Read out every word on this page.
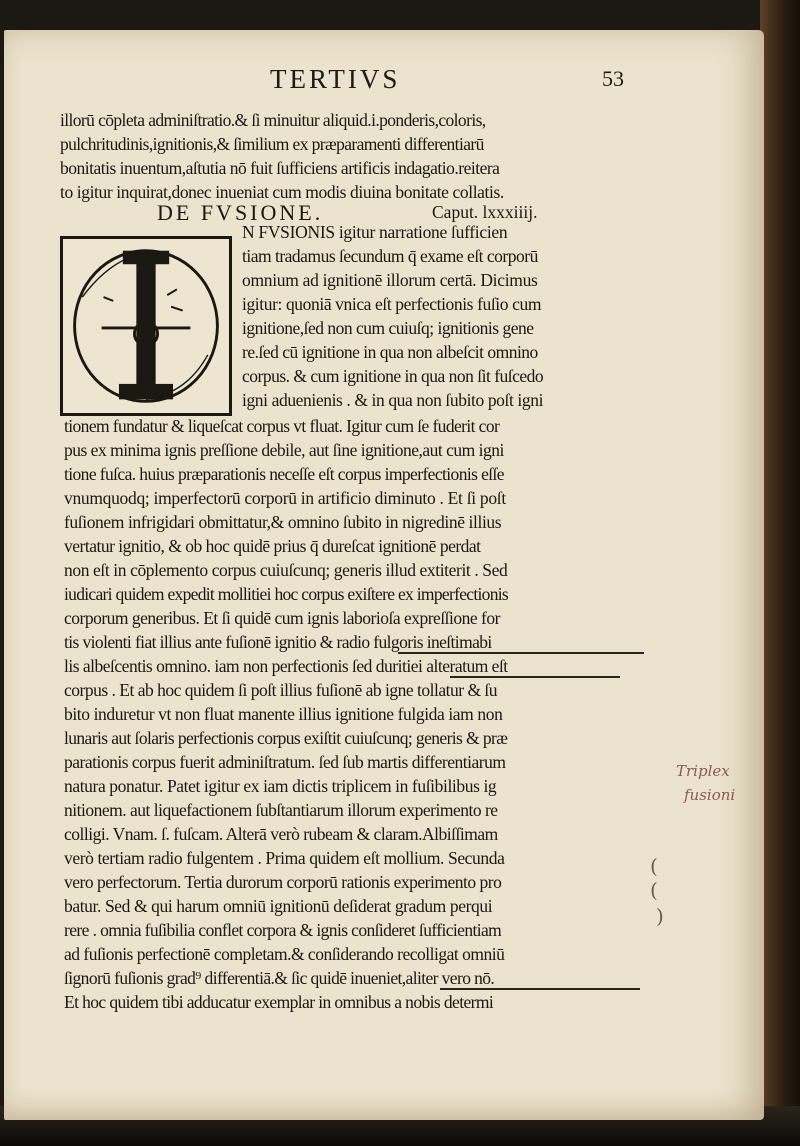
TERTIVS	53
illorū cōpleta adminiſtratio.& ſi minuitur aliquid.i.ponderis,coloris,
pulchritudinis,ignitionis,& ſimilium ex præparamenti differentiarū
bonitatis inuentum,aſtutia nō fuit ſufficiens artificis indagatio.reitera
to igitur inquirat,donec inueniat cum modis diuina bonitate collatis.
DE FVSIONE.	Caput. lxxxiiij.
N FVSIONIS igitur narratione ſufficien
tiam tradamus ſecundum q̄ exame eſt corporū
omnium ad ignitionē illorum certā. Dicimus
igitur: quoniā vnica eſt perfectionis fuſio cum
ignitione,ſed non cum cuiuſq; ignitionis gene
re.ſed cū ignitione in qua non albeſcit omnino
corpus. & cum ignitione in qua non ſit fuſcedo
igni aduenienis . & in qua non ſubito poſt igni
tionem fundatur & liqueſcat corpus vt fluat. Igitur cum ſe fuderit cor
pus ex minima ignis preſſione debile, aut ſine ignitione,aut cum igni
tione fuſca. huius præparationis neceſſe eſt corpus imperfectionis eſſe
vnumquodq; imperfectorū corporū in artificio diminuto . Et ſi poſt
fuſionem infrigidari obmittatur,& omnino ſubito in nigredinē illius
vertatur ignitio, & ob hoc quidē prius q̄ dureſcat ignitionē perdat
non eſt in cōplemento corpus cuiuſcunq; generis illud extiterit . Sed
iudicari quidem expedit mollitiei hoc corpus exiſtere ex imperfectionis
corporum generibus. Et ſi quidē cum ignis laborioſa expreſſione for
tis violenti fiat illius ante fuſionē ignitio & radio fulgoris ineſtimabi
lis albeſcentis omnino. iam non perfectionis ſed duritiei alteratum eſt
corpus . Et ab hoc quidem ſi poſt illius fuſionē ab igne tollatur & ſu
bito induretur vt non fluat manente illius ignitione fulgida iam non
lunaris aut ſolaris perfectionis corpus exiſtit cuiuſcunq; generis & præ
parationis corpus fuerit adminiſtratum. ſed ſub martis differentiarum
natura ponatur. Patet igitur ex iam dictis triplicem in fuſibilibus ig
nitionem. aut liquefactionem ſubſtantiarum illorum experimento re
colligi. Vnam. ſ. fuſcam. Alterā verò rubeam & claram.Albiſſimam
verò tertiam radio fulgentem . Prima quidem eſt mollium. Secunda
vero perfectorum. Tertia durorum corporū rationis experimento pro
batur. Sed & qui harum omniū ignitionū deſiderat gradum perqui
rere . omnia fuſibilia conflet corpora & ignis conſideret ſufficientiam
ad fuſionis perfectionē completam.& conſiderando recolligat omniū
ſignorū fuſionis grad⁹ differentiā.& ſic quidē inueniet,aliter vero nō.
Et hoc quidem tibi adducatur exemplar in omnibus a nobis determi
Triplex
fusioni
(
(
)
